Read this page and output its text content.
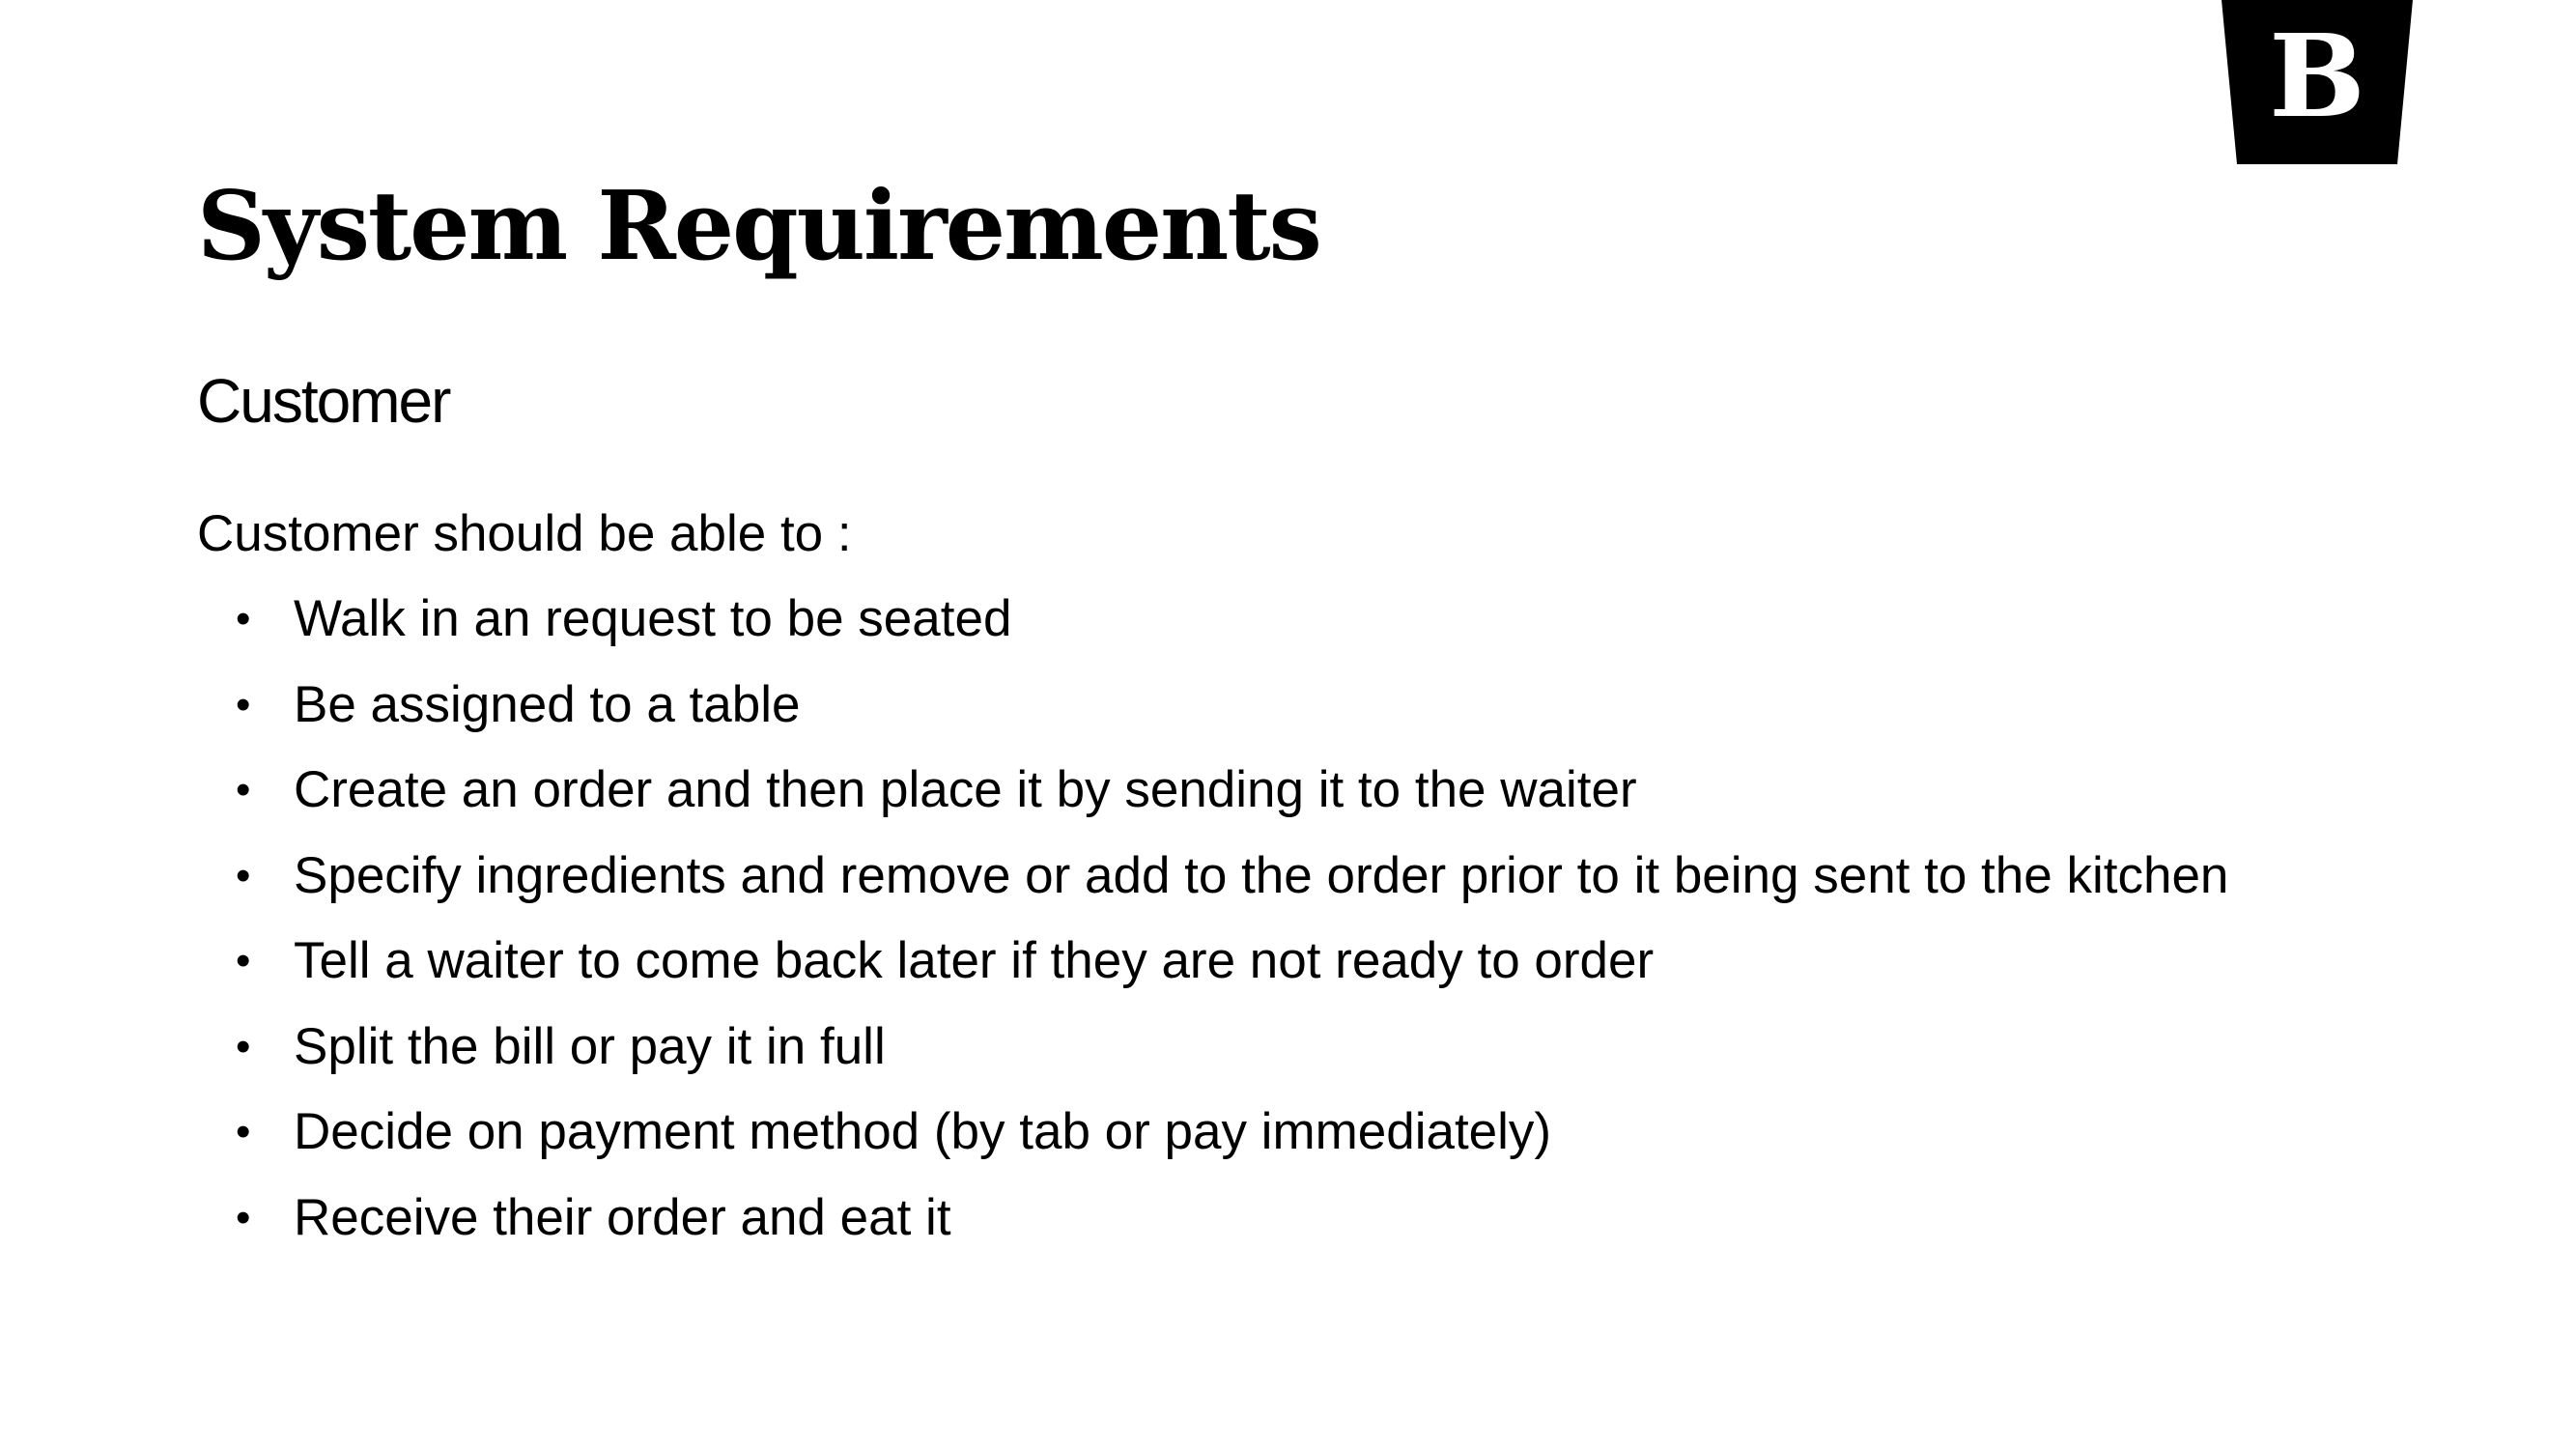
B
System Requirements
Customer

Customer should be able to :

• Walk in an request to be seated
• Be assigned to a table
• Create an order and then place it by sending it to the waiter
• Specify ingredients and remove or add to the order prior to it being sent to the kitchen
• Tell a waiter to come back later if they are not ready to order
• Split the bill or pay it in full
• Decide on payment method (by tab or pay immediately)
• Receive their order and eat it
